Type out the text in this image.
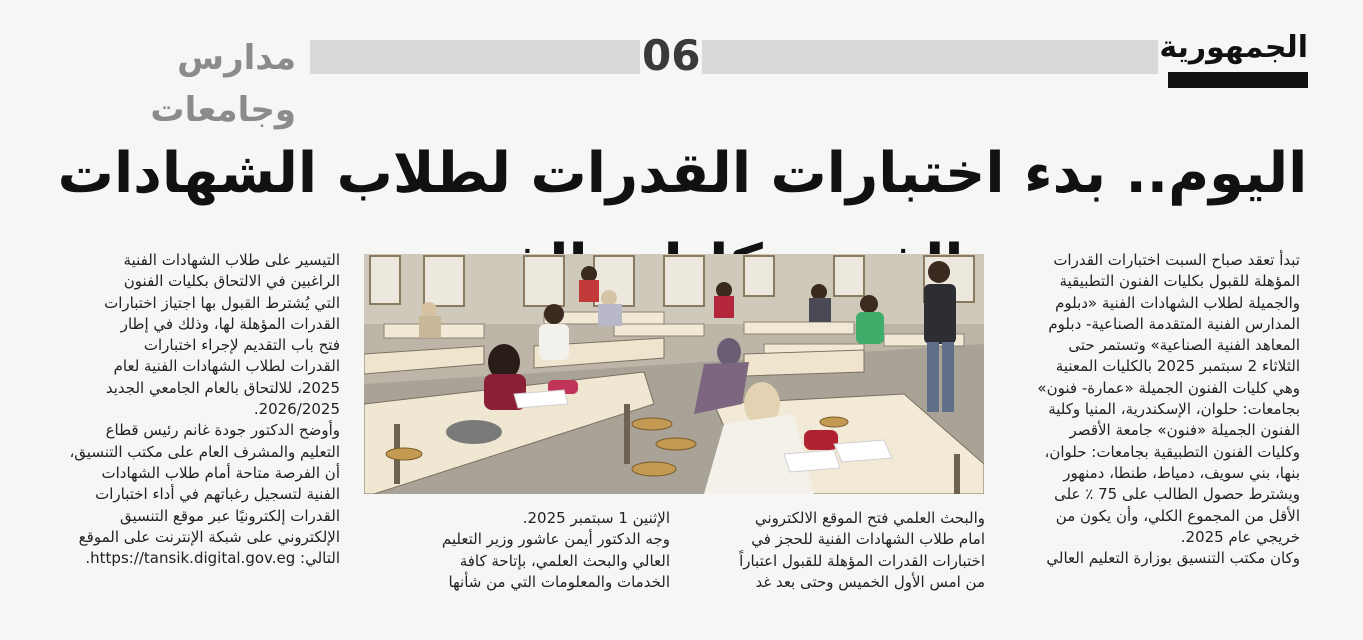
مدارس وجامعات
06	الجمهورية
اليوم.. بدء اختبارات القدرات لطلاب الشهادات
تبدأ تعقد صباح السبت اختبارات القدرات
المؤهلة للقبول بكليات الفنون التطبيقية
والجميلة لطلاب الشهادات الفنية «دبلوم
المدارس الفنية المتقدمة الصناعية- دبلوم
المعاهد الفنية الصناعية» وتستمر حتى
الثلاثاء 2 سبتمبر 2025 بالكليات المعنية
وهي كليات الفنون الجميلة «عمارة- فنون»
بجامعات: حلوان، الإسكندرية، المنيا وكلية
الفنون الجميلة «فنون» جامعة الأقصر
وكليات الفنون التطبيقية بجامعات: حلوان،
بنها، بني سويف، دمياط، طنطا، دمنهور
ويشترط حصول الطالب على 75 ٪ على
الأقل من المجموع الكلي، وأن يكون من
خريجي عام 2025.
وكان مكتب التنسيق بوزارة التعليم العالي
التيسير على طلاب الشهادات الفنية
الراغبين في الالتحاق بكليات الفنون
التي يُشترط القبول بها اجتياز اختبارات
القدرات المؤهلة لها، وذلك في إطار
فتح باب التقديم لإجراء اختبارات
القدرات لطلاب الشهادات الفنية لعام
2025، للالتحاق بالعام الجامعي الجديد
2026/2025.
وأوضح الدكتور جودة غانم رئيس قطاع
التعليم والمشرف العام على مكتب التنسيق،
أن الفرصة متاحة أمام طلاب الشهادات
الفنية لتسجيل رغباتهم في أداء اختبارات
القدرات إلكترونيًا عبر موقع التنسيق
الإلكتروني على شبكة الإنترنت على الموقع
التالي: https://tansik.digital.gov.eg.
والبحث العلمي فتح الموقع الالكتروني
امام طلاب الشهادات الفنية للحجز في
اختبارات القدرات المؤهلة للقبول اعتباراً
من امس الأول الخميس وحتى بعد غد
الإثنين 1 سبتمبر 2025.
وجه الدكتور أيمن عاشور وزير التعليم
العالي والبحث العلمي، بإتاحة كافة
الخدمات والمعلومات التي من شأنها
